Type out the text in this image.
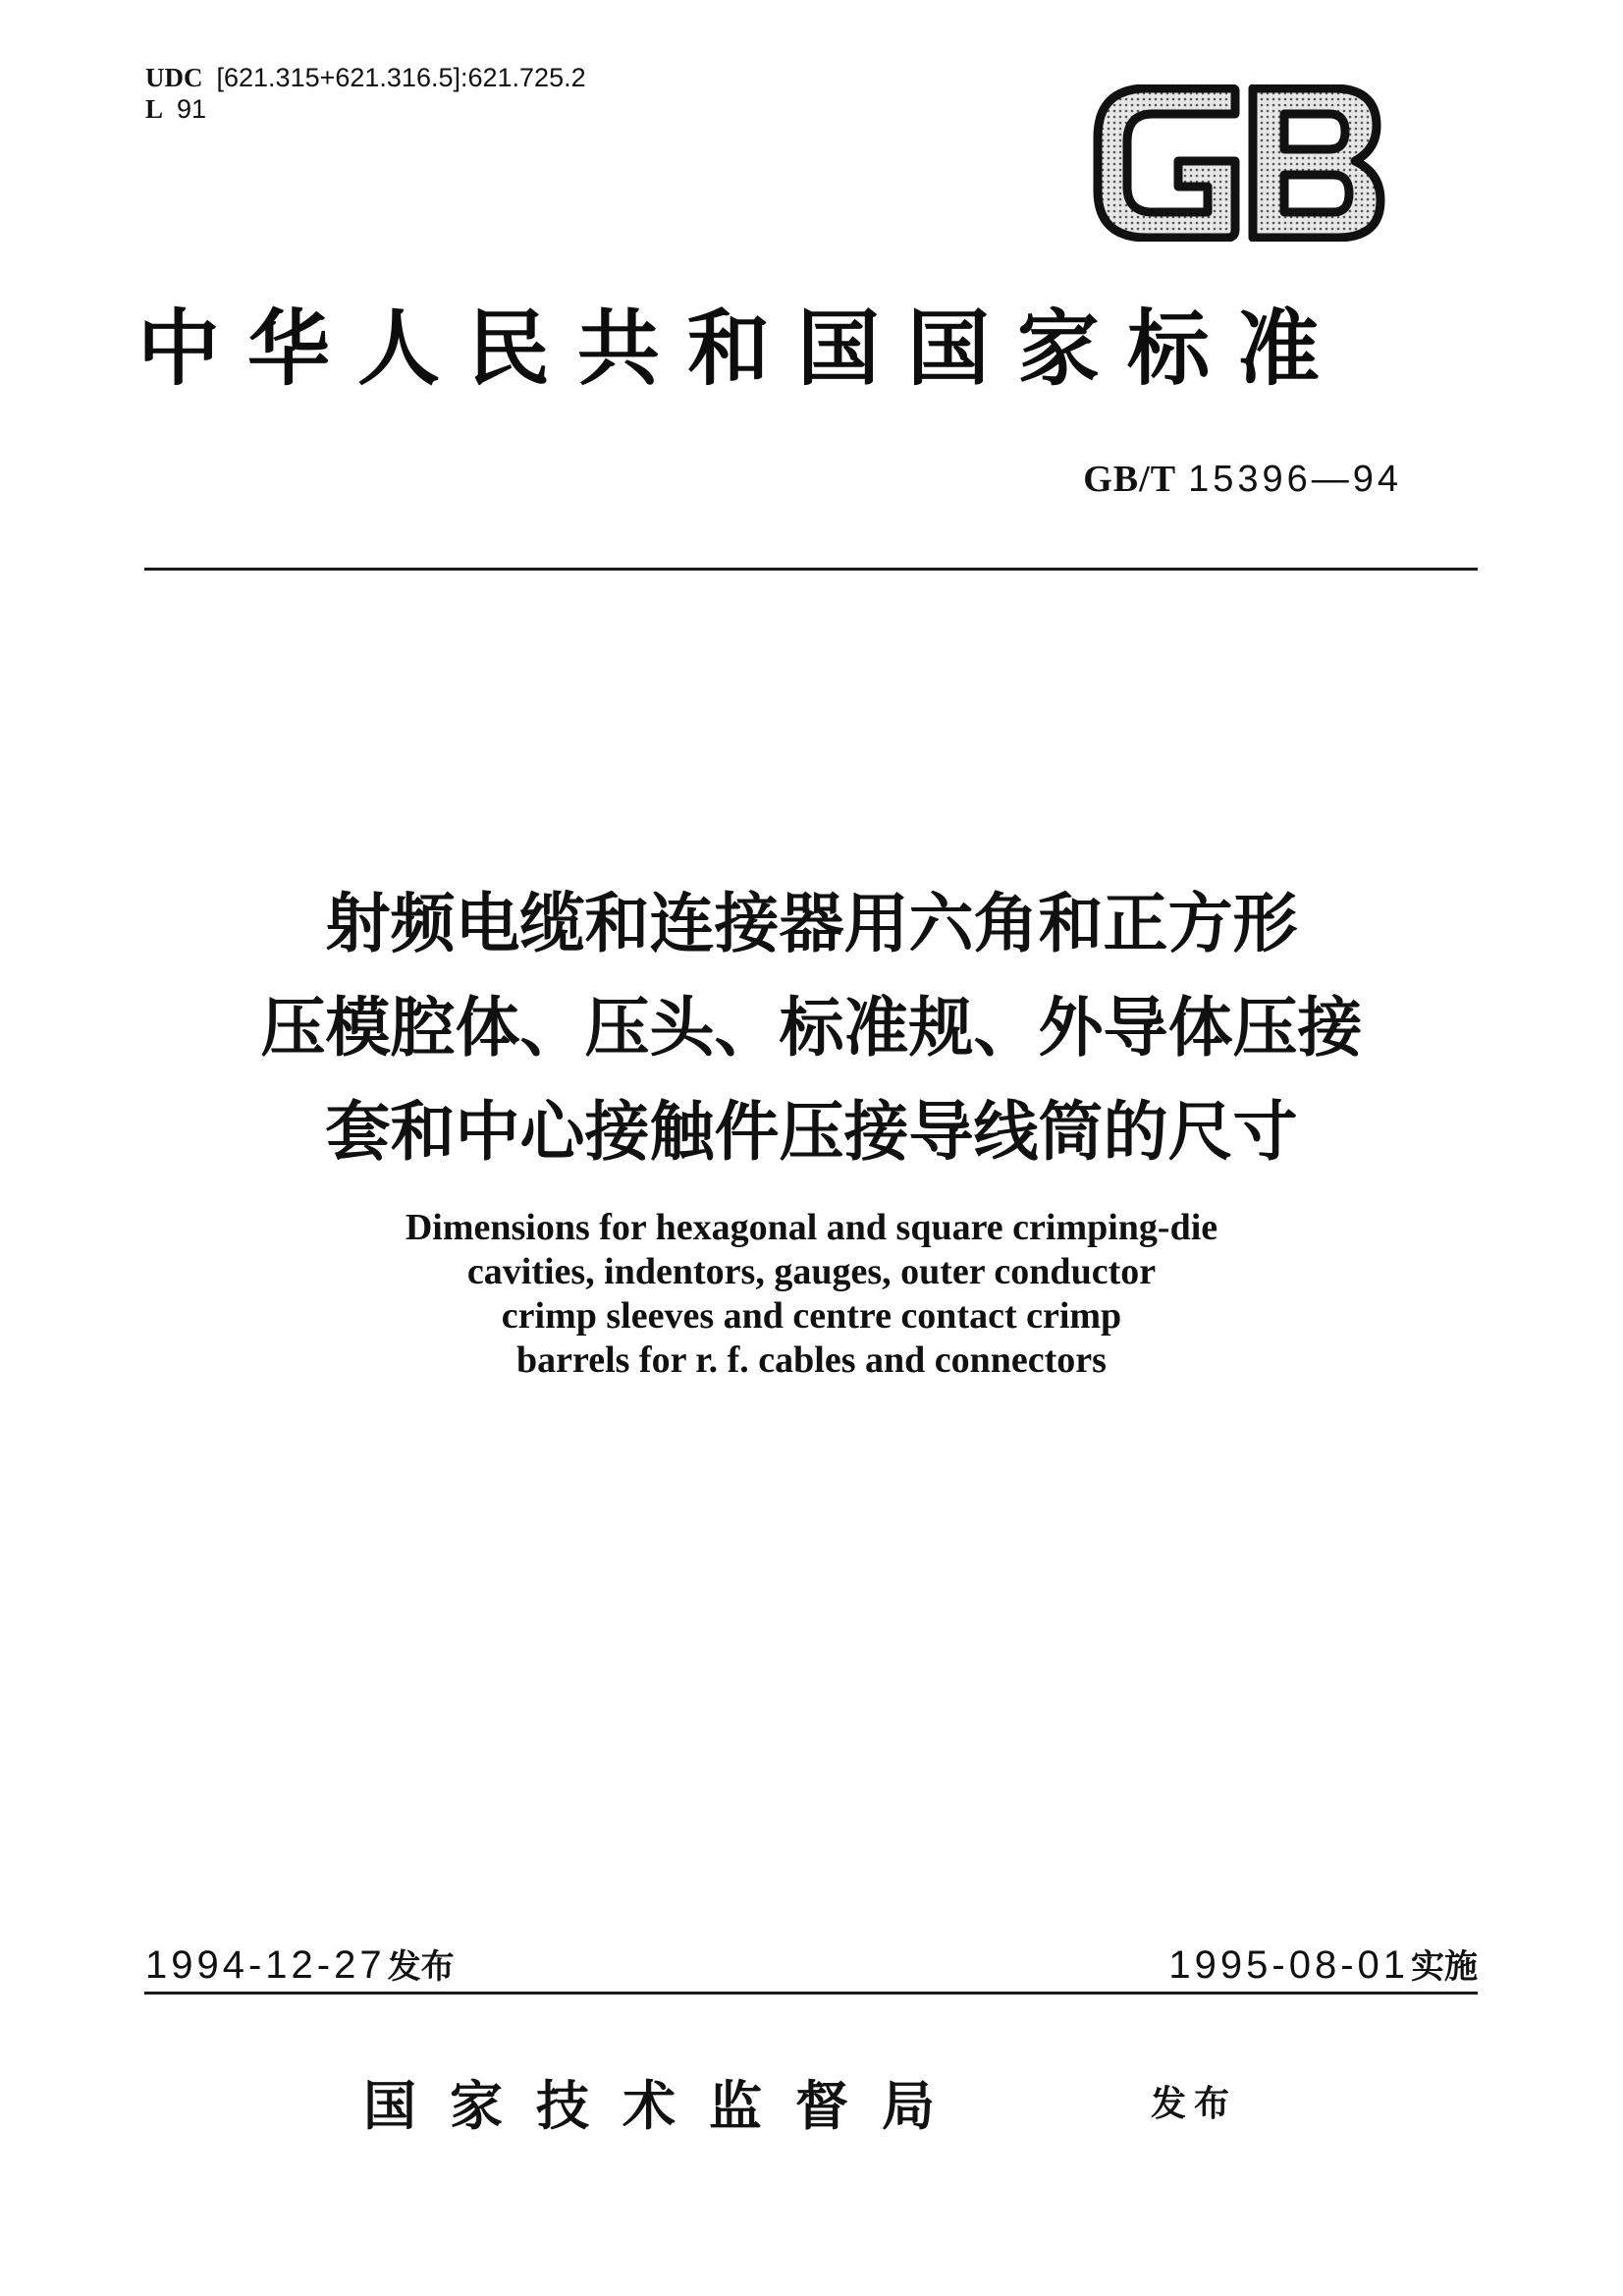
UDC [621.315+621.316.5]:621.725.2
L 91
中华人民共和国国家标准
GB/T 15396—94
射频电缆和连接器用六角和正方形
压模腔体、压头、标准规、外导体压接
套和中心接触件压接导线筒的尺寸
Dimensions for hexagonal and square crimping-die
cavities, indentors, gauges, outer conductor
crimp sleeves and centre contact crimp
barrels for r. f. cables and connectors
1994-12-27发布	1995-08-01实施
国家技术监督局	发布
